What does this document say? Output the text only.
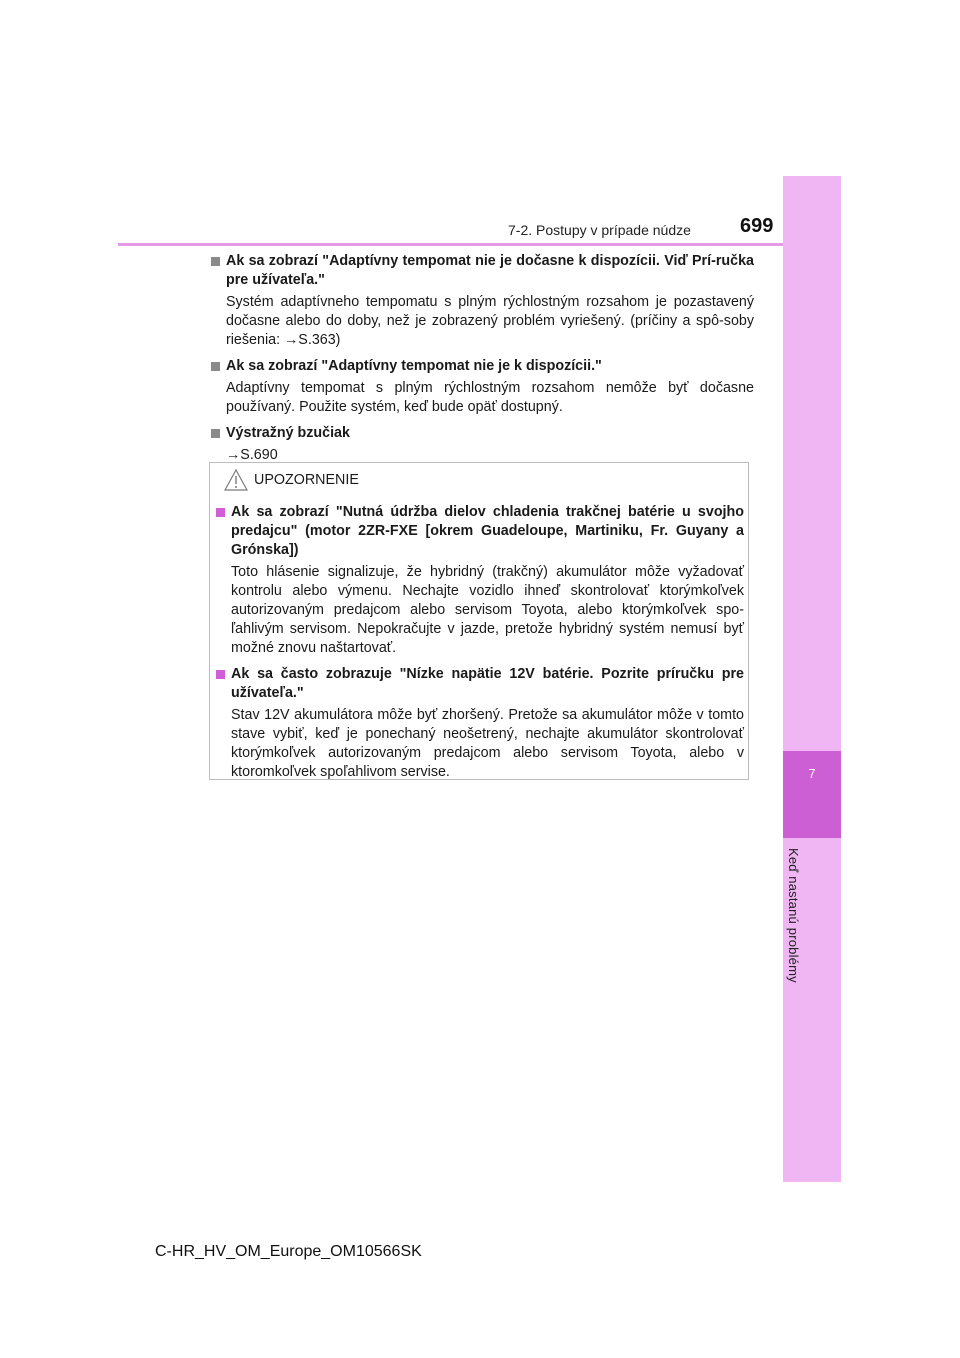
7
Keď nastanú problémy
7-2. Postupy v prípade núdze 699
Ak sa zobrazí "Adaptívny tempomat nie je dočasne k dispozícii. Viď Prí-ručka pre užívateľa."
Systém adaptívneho tempomatu s plným rýchlostným rozsahom je pozastavený dočasne alebo do doby, než je zobrazený problém vyriešený. (príčiny a spô-soby riešenia: →S.363)
Ak sa zobrazí "Adaptívny tempomat nie je k dispozícii."
Adaptívny tempomat s plným rýchlostným rozsahom nemôže byť dočasne používaný. Použite systém, keď bude opäť dostupný.
Výstražný bzučiak
→S.690
UPOZORNENIE
Ak sa zobrazí "Nutná údržba dielov chladenia trakčnej batérie u svojho predajcu" (motor 2ZR-FXE [okrem Guadeloupe, Martiniku, Fr. Guyany a Grónska])
Toto hlásenie signalizuje, že hybridný (trakčný) akumulátor môže vyžadovať kontrolu alebo výmenu. Nechajte vozidlo ihneď skontrolovať ktorýmkoľvek autorizovaným predajcom alebo servisom Toyota, alebo ktorýmkoľvek spo-ľahlivým servisom. Nepokračujte v jazde, pretože hybridný systém nemusí byť možné znovu naštartovať.
Ak sa často zobrazuje "Nízke napätie 12V batérie. Pozrite príručku pre užívateľa."
Stav 12V akumulátora môže byť zhoršený. Pretože sa akumulátor môže v tomto stave vybiť, keď je ponechaný neošetrený, nechajte akumulátor skontrolovať ktorýmkoľvek autorizovaným predajcom alebo servisom Toyota, alebo v ktoromkoľvek spoľahlivom servise.
C-HR_HV_OM_Europe_OM10566SK
